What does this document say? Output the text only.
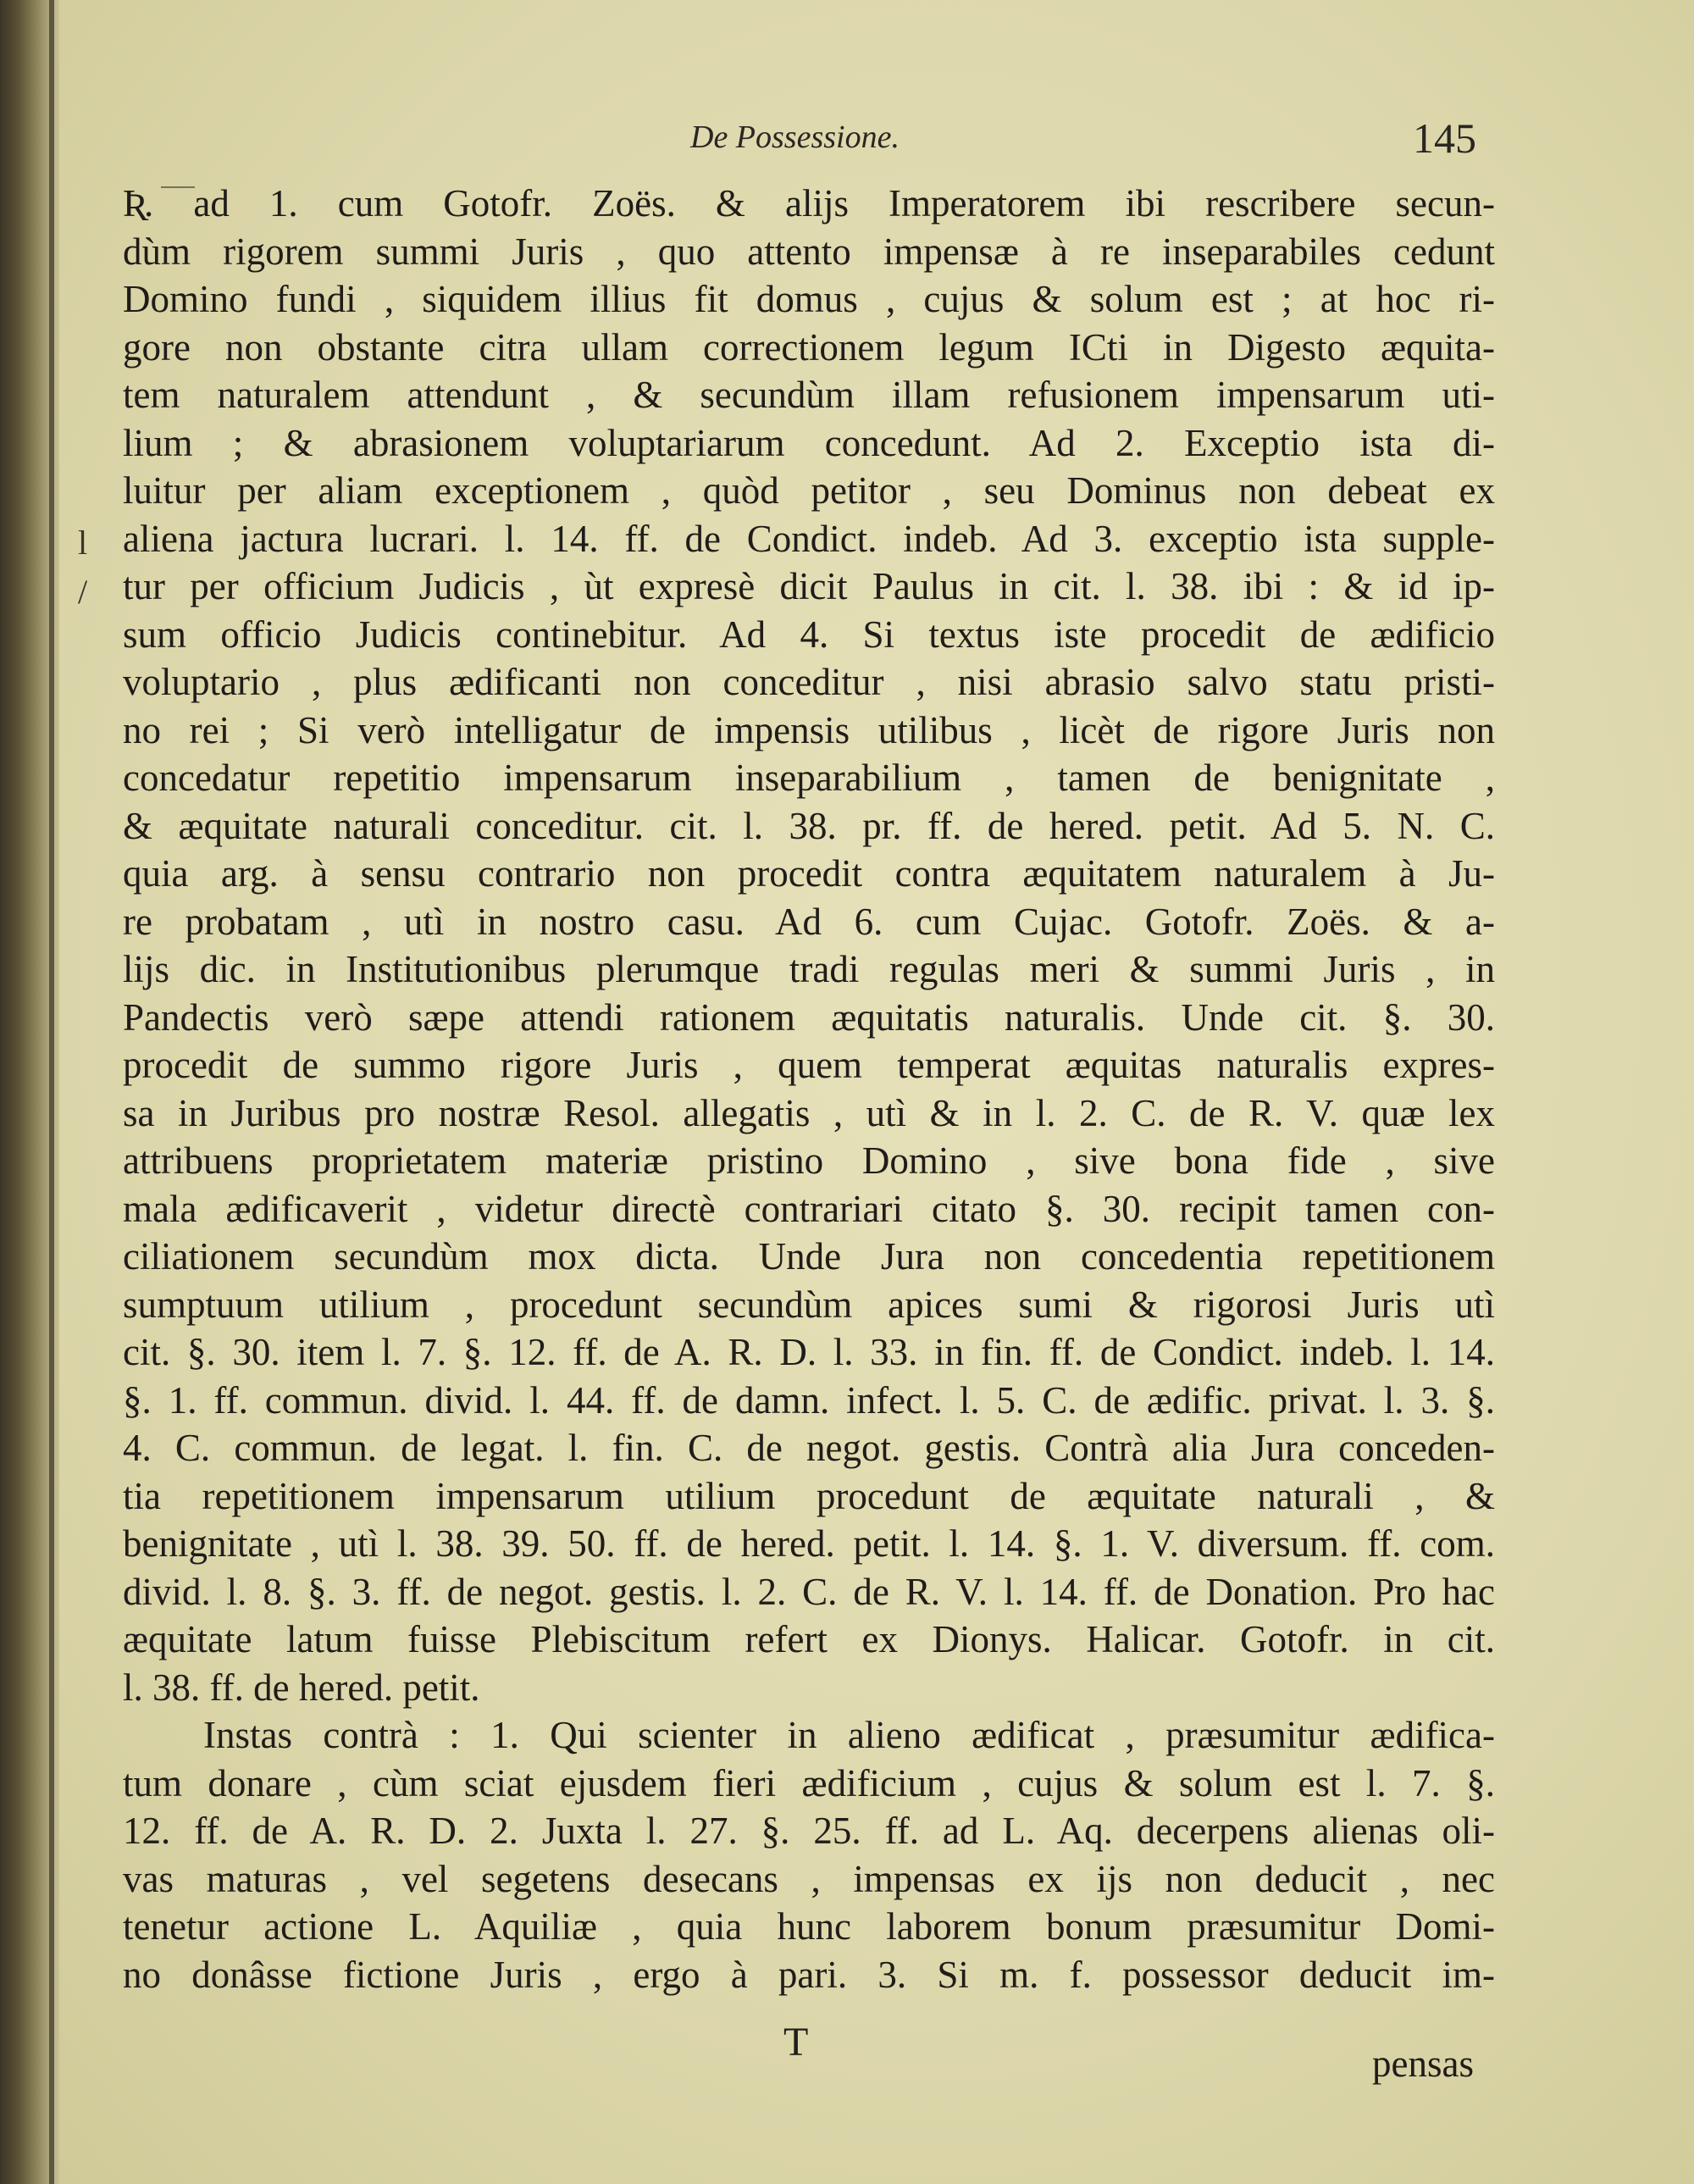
De Possessione.	145
l
/
Ʀ. ad 1. cum Gotofr. Zoës. & alijs Imperatorem ibi rescribere secun-
dùm rigorem summi Juris , quo attento impensæ à re inseparabiles cedunt
Domino fundi , siquidem illius fit domus , cujus & solum est ; at hoc ri-
gore non obstante citra ullam correctionem legum ICti in Digesto æquita-
tem naturalem attendunt , & secundùm illam refusionem impensarum uti-
lium ; & abrasionem voluptariarum concedunt. Ad 2. Exceptio ista di-
luitur per aliam exceptionem , quòd petitor , seu Dominus non debeat ex
aliena jactura lucrari. l. 14. ff. de Condict. indeb. Ad 3. exceptio ista supple-
tur per officium Judicis , ùt expresè dicit Paulus in cit. l. 38. ibi : & id ip-
sum officio Judicis continebitur. Ad 4. Si textus iste procedit de ædificio
voluptario , plus ædificanti non conceditur , nisi abrasio salvo statu pristi-
no rei ; Si verò intelligatur de impensis utilibus , licèt de rigore Juris non
concedatur repetitio impensarum inseparabilium , tamen de benignitate ,
& æquitate naturali conceditur. cit. l. 38. pr. ff. de hered. petit. Ad 5. N. C.
quia arg. à sensu contrario non procedit contra æquitatem naturalem à Ju-
re probatam , utì in nostro casu. Ad 6. cum Cujac. Gotofr. Zoës. & a-
lijs dic. in Institutionibus plerumque tradi regulas meri & summi Juris , in
Pandectis verò sæpe attendi rationem æquitatis naturalis. Unde cit. §. 30.
procedit de summo rigore Juris , quem temperat æquitas naturalis expres-
sa in Juribus pro nostræ Resol. allegatis , utì & in l. 2. C. de R. V. quæ lex
attribuens proprietatem materiæ pristino Domino , sive bona fide , sive
mala ædificaverit , videtur directè contrariari citato §. 30. recipit tamen con-
ciliationem secundùm mox dicta. Unde Jura non concedentia repetitionem
sumptuum utilium , procedunt secundùm apices sumi & rigorosi Juris utì
cit. §. 30. item l. 7. §. 12. ff. de A. R. D. l. 33. in fin. ff. de Condict. indeb. l. 14.
§. 1. ff. commun. divid. l. 44. ff. de damn. infect. l. 5. C. de ædific. privat. l. 3. §.
4. C. commun. de legat. l. fin. C. de negot. gestis. Contrà alia Jura conceden-
tia repetitionem impensarum utilium procedunt de æquitate naturali , &
benignitate , utì l. 38. 39. 50. ff. de hered. petit. l. 14. §. 1. V. diversum. ff. com.
divid. l. 8. §. 3. ff. de negot. gestis. l. 2. C. de R. V. l. 14. ff. de Donation. Pro hac
æquitate latum fuisse Plebiscitum refert ex Dionys. Halicar. Gotofr. in cit.
l. 38. ff. de hered. petit.
Instas contrà : 1. Qui scienter in alieno ædificat , præsumitur ædifica-
tum donare , cùm sciat ejusdem fieri ædificium , cujus & solum est l. 7. §.
12. ff. de A. R. D. 2. Juxta l. 27. §. 25. ff. ad L. Aq. decerpens alienas oli-
vas maturas , vel segetens desecans , impensas ex ijs non deducit , nec
tenetur actione L. Aquiliæ , quia hunc laborem bonum præsumitur Domi-
no donâsse fictione Juris , ergo à pari. 3. Si m. f. possessor deducit im-
T	pensas
